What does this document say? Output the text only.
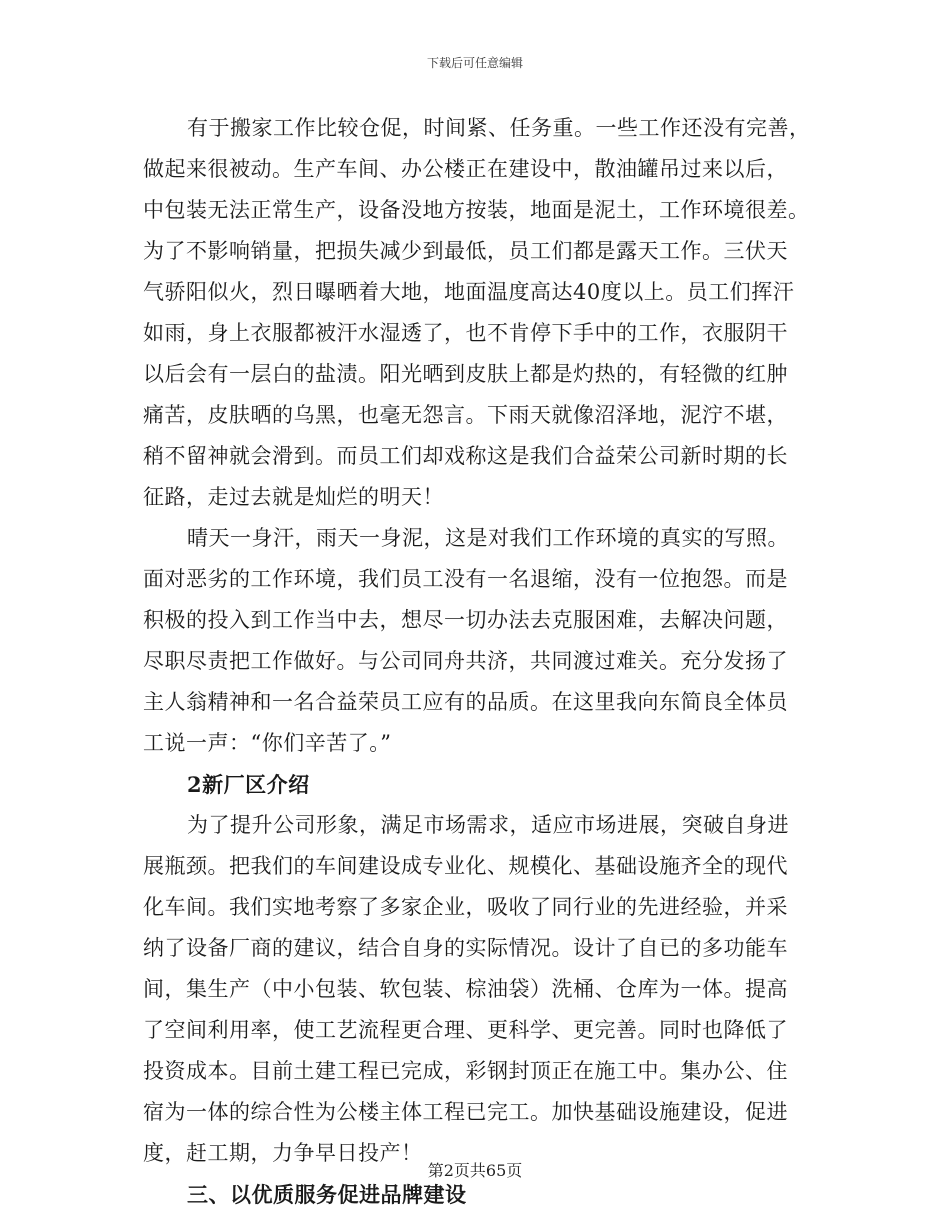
下载后可任意编辑
有于搬家工作比较仓促，时间紧、任务重。一些工作还没有完善，
做起来很被动。生产车间、办公楼正在建设中，散油罐吊过来以后，
中包装无法正常生产，设备没地方按装，地面是泥土，工作环境很差。
为了不影响销量，把损失减少到最低，员工们都是露天工作。三伏天
气骄阳似火，烈日曝晒着大地，地面温度高达40度以上。员工们挥汗
如雨，身上衣服都被汗水湿透了，也不肯停下手中的工作，衣服阴干
以后会有一层白的盐渍。阳光晒到皮肤上都是灼热的，有轻微的红肿
痛苦，皮肤晒的乌黑，也毫无怨言。下雨天就像沼泽地，泥泞不堪，
稍不留神就会滑到。而员工们却戏称这是我们合益荣公司新时期的长
征路，走过去就是灿烂的明天！
晴天一身汗，雨天一身泥，这是对我们工作环境的真实的写照。
面对恶劣的工作环境，我们员工没有一名退缩，没有一位抱怨。而是
积极的投入到工作当中去，想尽一切办法去克服困难，去解决问题，
尽职尽责把工作做好。与公司同舟共济，共同渡过难关。充分发扬了
主人翁精神和一名合益荣员工应有的品质。在这里我向东简良全体员
工说一声：“你们辛苦了。”
2新厂区介绍
为了提升公司形象，满足市场需求，适应市场进展，突破自身进
展瓶颈。把我们的车间建设成专业化、规模化、基础设施齐全的现代
化车间。我们实地考察了多家企业，吸收了同行业的先进经验，并采
纳了设备厂商的建议，结合自身的实际情况。设计了自已的多功能车
间，集生产（中小包装、软包装、棕油袋）洗桶、仓库为一体。提高
了空间利用率，使工艺流程更合理、更科学、更完善。同时也降低了
投资成本。目前土建工程已完成，彩钢封顶正在施工中。集办公、住
宿为一体的综合性为公楼主体工程已完工。加快基础设施建设，促进
度，赶工期，力争早日投产！
三、以优质服务促进品牌建设
第2页共65页
